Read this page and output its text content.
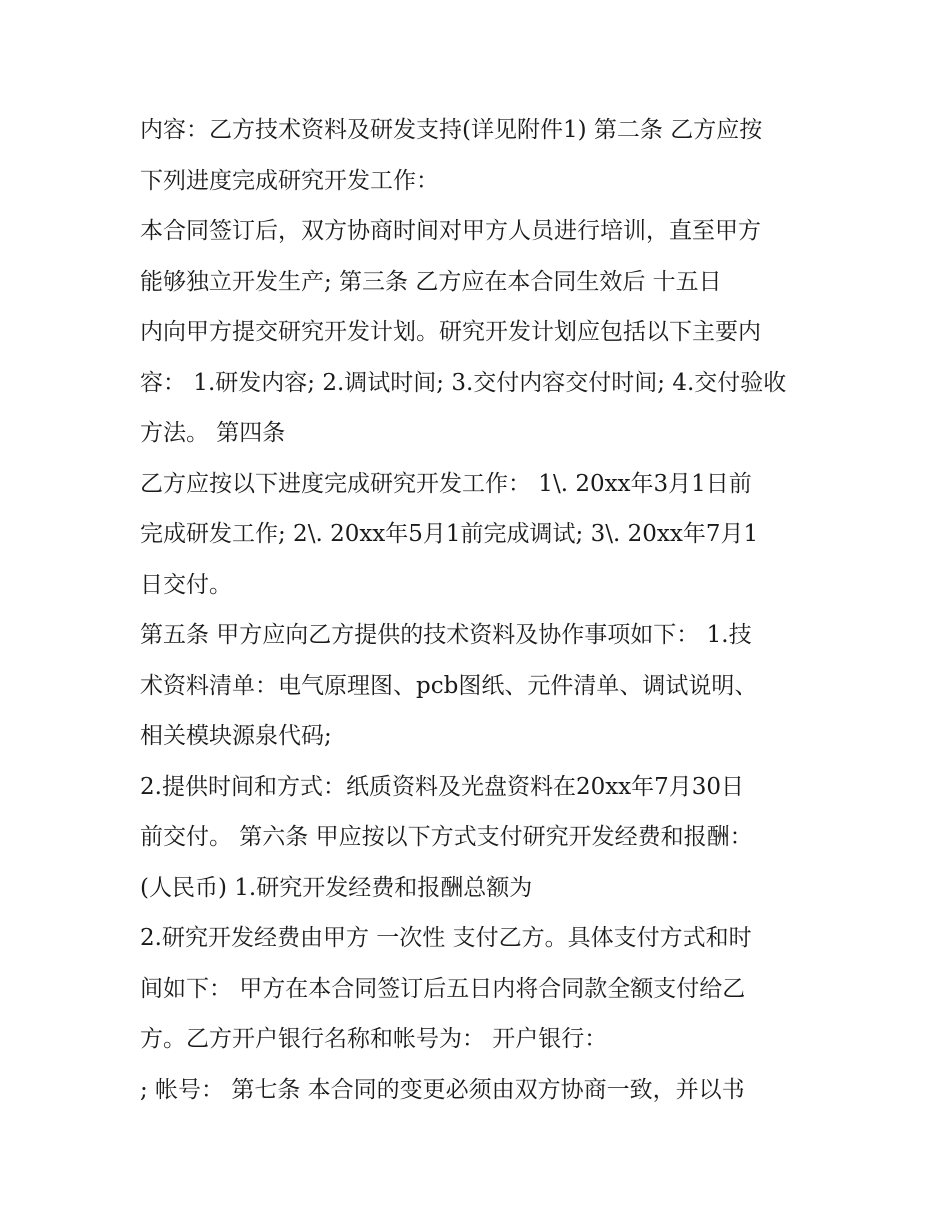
内容：乙方技术资料及研发支持(详见附件1) 第二条 乙方应按
下列进度完成研究开发工作：
本合同签订后，双方协商时间对甲方人员进行培训，直至甲方
能够独立开发生产; 第三条 乙方应在本合同生效后 十五日
内向甲方提交研究开发计划。研究开发计划应包括以下主要内
容： 1.研发内容; 2.调试时间; 3.交付内容交付时间; 4.交付验收
方法。 第四条
乙方应按以下进度完成研究开发工作： 1\. 20xx年3月1日前
完成研发工作; 2\. 20xx年5月1前完成调试; 3\. 20xx年7月1
日交付。
第五条 甲方应向乙方提供的技术资料及协作事项如下： 1.技
术资料清单：电气原理图、pcb图纸、元件清单、调试说明、
相关模块源泉代码;
2.提供时间和方式：纸质资料及光盘资料在20xx年7月30日
前交付。 第六条 甲应按以下方式支付研究开发经费和报酬：
(人民币) 1.研究开发经费和报酬总额为
2.研究开发经费由甲方 一次性 支付乙方。具体支付方式和时
间如下： 甲方在本合同签订后五日内将合同款全额支付给乙
方。乙方开户银行名称和帐号为： 开户银行：
; 帐号： 第七条 本合同的变更必须由双方协商一致，并以书
